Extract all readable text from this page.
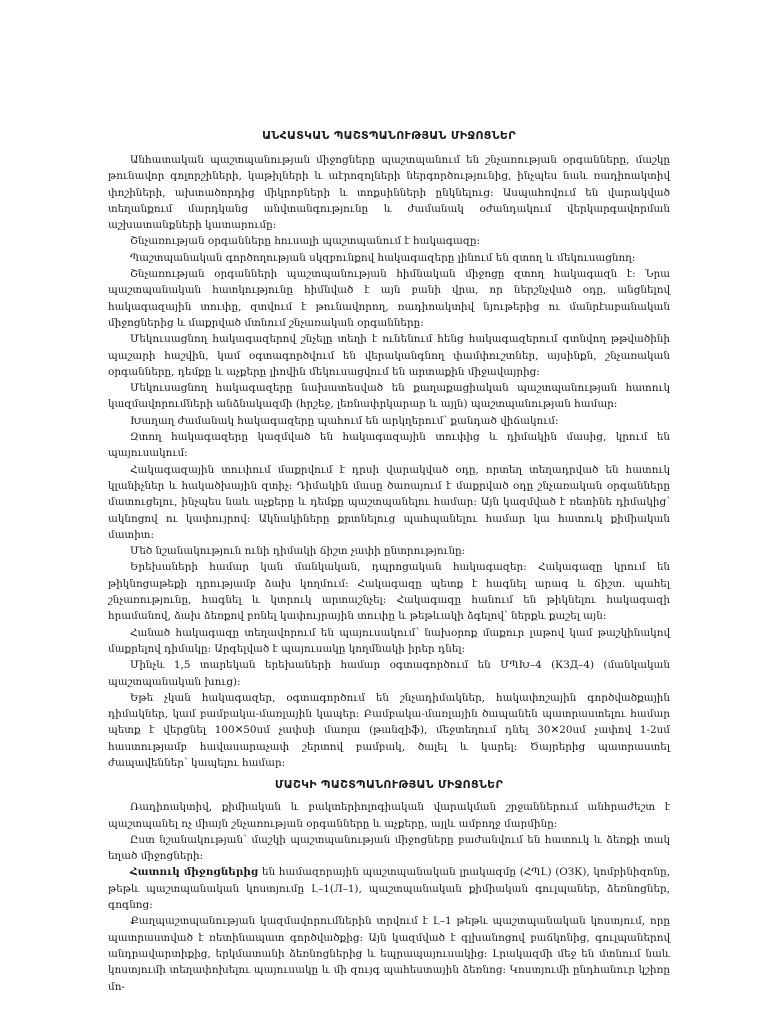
ԱՆՀԱՏԿԱՆ ՊԱՇՏՊԱՆՈՒԹՅԱՆ ՄԻՋՈՑՆԵՐ

Անհատական պաշտպանության միջոցները պաշտպանում են շնչառության օրգանները, մաշկը թունավոր գոլորշիների, կաթիլների և աէրոզոլների ներգործությունից, ինչպես նաև ռադիոակտիվ փոշիների, ախտածորդից միկրոբների և տոքսինների ընկնելուց: Ասպահովում են վարակված տեղանքում մարդկանց անվտանգությունը և ժամանակ օժանդակում վերկարգավորման աշխատանքների կատարումը:

Շնչառության օրգանները հուսալի պաշտպանում է հակագազը:

Պաշտպանական գործողության սկզբունքով հակագազերը լինում են զտող և մեկուսացնող:

Շնչառության օրգանների պաշտպանության հիմնական միջոցը զտող հակագազն է: Նրա պաշտպանական հատկությունը հիմնված է այն բանի վրա, որ ներշնչված օդը, անցնելով հակագազային տուփը, զտվում է թունավորող, ռադիոակտիվ նյութերից ու մանրէաբանական միջոցներից և մաքրված մտնում շնչառական օրգանները:

Մեկուսացնող հակագազերով շնչելը տեղի է ունենում հենց հակագազերում գտնվող թթվածինի պաշարի հաշվին, կամ օգտագործվում են վերականգնող փամփուշտներ, այսինքն, շնչառական օրգանները, դեմքը և աչքերը լիովին մեկուսացվում են արտաքին միջավայրից:

Մեկուսացնող հակագազերը նախատեսված են քաղաքացիական պաշտպանության հատուկ կազմավորումների անձնակազմի (հրշեջ, լեռնափրկարար և այլն) պաշտպանության համար:

Խաղաղ ժամանակ հակագազերը պահում են արկղերում՝ քանդած վիճակում:

Զտող հակագազերը կազմված են հակագազային տուփից և դիմակին մասից, կրում են պայուսակում:

Հակագազային տուփում մաքրվում է դրսի վարակված օդը, որտեղ տեղադրված են հատուկ կլանիչներ և հակածխային զտիչ: Դիմակին մասը ծառայում է մաքրված օդը շնչառական օրգանները մատուցելու, ինչպես նաև աչքերը և դեմքը պաշտպանելու համար: Այն կազմված է ռետինե դիմակից՝ ակնոցով ու կափույրով: Ակնակիները քրտնելուց պահպանելու համար կա հատուկ քիմիական մատիտ:

Մեծ նշանակություն ունի դիմակի ճիշտ չափի ընտրությունը:

Երեխաների համար կան մանկական, դպրոցական հակագազեր: Հակագազը կրում են թիկնոցաթեքի դրությամբ ձախ կողմում: Հակագազը պետք է հագնել արագ և ճիշտ. պահել շնչառությունը, հագնել և կտրուկ արտաշնչել: Հակագազը հանում են թիկնելու հակագազի հրամանով, ձախ ձեռքով բռնել կափույրային տուփը և թեթևակի ձգելով՝ ներքև քաշել այն:

Հանած հակագազը տեղավորում են պայուսակում՝ նախօրոք մաքուր լաթով կամ թաշկինակով մաքրելով դիմակը: Արգելված է պայուսակը կողմնակի իրեր դնել:

Մինչև 1,5 տարեկան երեխաների համար օգտագործում են ՄՊԽ–4 (КЗД–4) (մանկական պաշտպանական խուց):

Եթե չկան հակագազեր, օգտագործում են շնչադիմակներ, հակափոշային գործվածքային դիմակներ, կամ բամբակա-մառլային կապեր: Բամբակա-մառլային ծապանեն պատրաստելու համար պետք է վերցնել 100✕50սմ չափսի մառլա (թանզիֆ), մեջտեղում դնել 30✕20սմ չափով 1-2սմ հաստությամբ հավասարաչափ շերտով բամբակ, ծալել և կարել: Ծայրերից պատրաստել ժապավեններ՝ կապելու համար:

ՄԱՇԿԻ ՊԱՇՏՊԱՆՈՒԹՅԱՆ ՄԻՋՈՑՆԵՐ

Ռադիոակտիվ, քիմիական և բակտերիոլոգիական վարակման շրջաններում անհրաժեշտ է պաշտպանել ոչ միայն շնչառության օրգանները և աչքերը, այլև ամբողջ մարմինը:

Ըստ նշանակության՝ մաշկի պաշտպանության միջոցները բաժանվում են հատուկ և ձեռքի տակ եղած միջոցների:

Հատուկ միջոցներից են համազորային պաշտպանական լրակազմը (ՀՊԼ) (ОЗК), կոմբինիզոնը, թեթև պաշտպանական կոստյումը Լ–1(Л–1), պաշտպանական քիմիական գուլպաներ, ձեռնոցներ, գոգնոց:

Քաղպաշտպանության կազմավորումներին տրվում է Լ–1 թեթև պաշտպանական կոստյում, որը պատրաստված է ռետինապատ գործվածքից: Այն կազմված է գլխանոցով բաճկոնից, գուլպաներով անդրավարտիքից, երկմատանի ձեռնոցներից և եպրապայուսակից: Լրակազմի մեջ են մտնում նաև կոստյումի տեղափոխելու պայուսակը և մի զույգ պահեստային ձեռնոց: Կոստյումի ընդհանուր կշիռը մո-
